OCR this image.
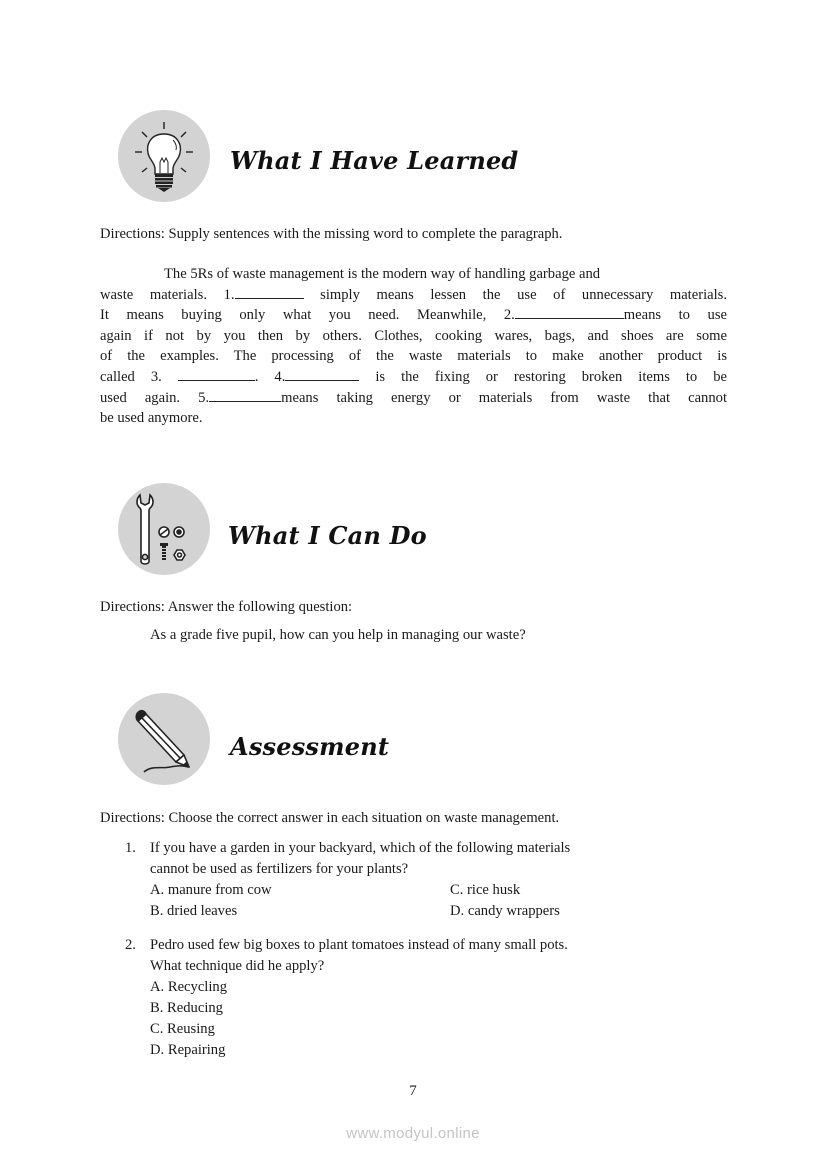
What I Have Learned
Directions: Supply sentences with the missing word to complete the paragraph.
The 5Rs of waste management is the modern way of handling garbage and
waste materials. 1.	simply means lessen the use of unnecessary materials.
It means buying only what you need. Meanwhile, 2.	means to use
again if not by you then by others. Clothes, cooking wares, bags, and shoes are some
of the examples. The processing of the waste materials to make another product is
called 3.	. 4.	is the fixing or restoring broken items to be
used again. 5.	means taking energy or materials from waste that cannot
be used anymore.
What I Can Do
Directions: Answer the following question:
As a grade five pupil, how can you help in managing our waste?
Assessment
Directions: Choose the correct answer in each situation on waste management.
1. If you have a garden in your backyard, which of the following materials
cannot be used as fertilizers for your plants?
A. manure from cow
B. dried leaves
C. rice husk
D. candy wrappers
2. Pedro used few big boxes to plant tomatoes instead of many small pots.
What technique did he apply?
A. Recycling
B. Reducing
C. Reusing
D. Repairing
7
www.modyul.online
